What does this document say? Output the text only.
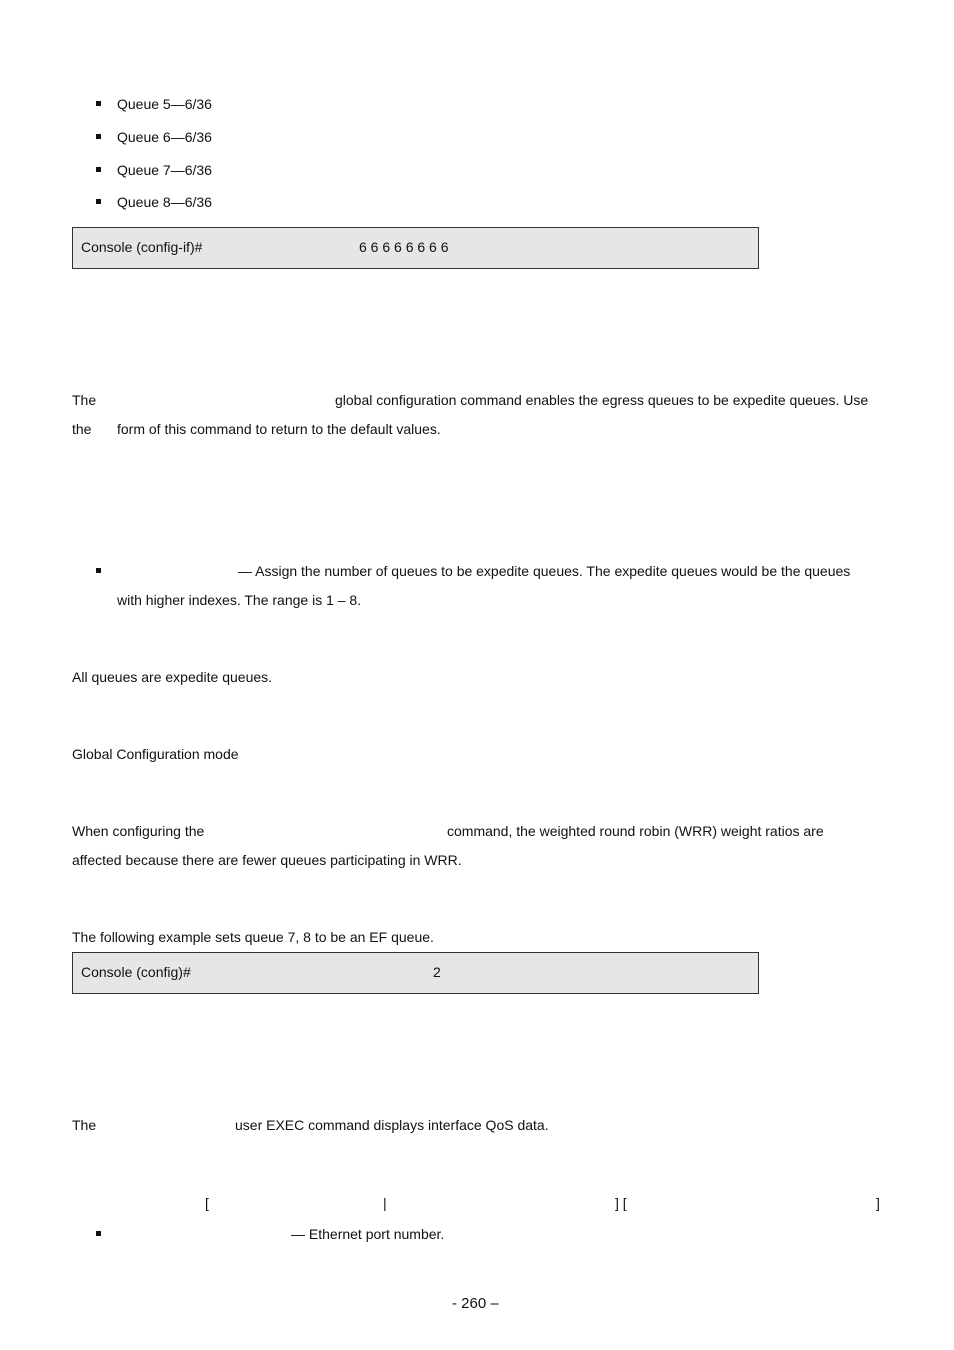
Queue 5—6/36
Queue 6—6/36
Queue 7—6/36
Queue 8—6/36
Console (config-if)#	6 6 6 6 6 6 6 6
The	global configuration command enables the egress queues to be expedite queues. Use
the form of this command to return to the default values.
— Assign the number of queues to be expedite queues. The expedite queues would be the queues
with higher indexes. The range is 1 – 8.
All queues are expedite queues.
Global Configuration mode
When configuring the	command, the weighted round robin (WRR) weight ratios are
affected because there are fewer queues participating in WRR.
The following example sets queue 7, 8 to be an EF queue.
Console (config)#	2
The	user EXEC command displays interface QoS data.
[	|	] [	]
— Ethernet port number.
- 260 –
